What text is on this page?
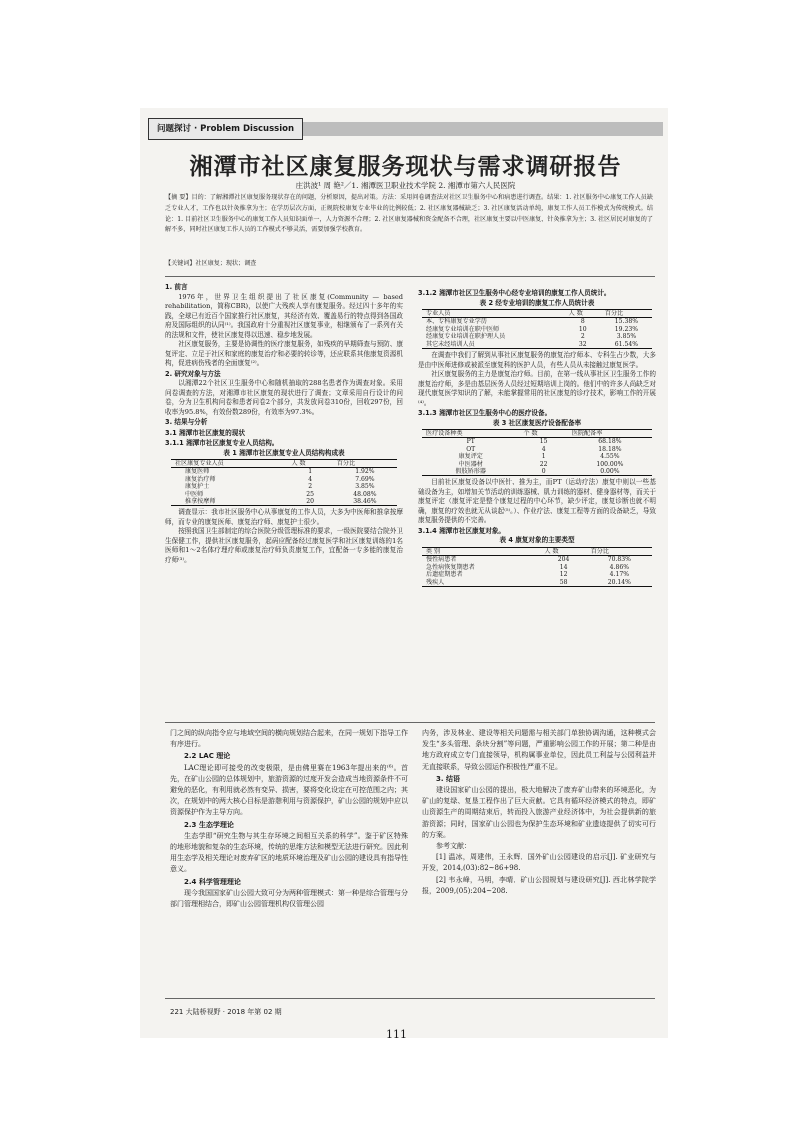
问题探讨 · Problem Discussion
湘潭市社区康复服务现状与需求调研报告
庄洪波¹ 周 艳²／1. 湘潭医卫职业技术学院 2. 湘潭市第六人民医院
【摘 要】目的：了解湘潭社区康复服务现状存在的问题，分析原因，提出对策。方法：采用问卷调查法对社区卫生服务中心和病患进行调查。结果：1. 社区服务中心康复工作人员缺乏专业人才，工作也以针灸推拿为主；在学历层次方面，正规院校康复专业毕业的比例较低；2. 社区康复器械缺乏；3. 社区康复活动单纯，康复工作人员工作模式为传统模式。结论：1. 目前社区卫生服务中心的康复工作人员知识面单一，人力资源不合理；2. 社区康复器械和资金配备不合理，社区康复主要以中医康复、针灸推拿为主；3. 社区居民对康复的了解不多，同时社区康复工作人员的工作模式不够灵活，需要加强学校教育。
【关键词】社区康复；现状；调查

1. 前言

1976年，世界卫生组织提出了社区康复(Community — based rehabilitation，简称CBR)，以使广大残疾人享有康复服务。经过四十多年的实践，全球已有近百个国家推行社区康复，其经济有效、覆盖易行的特点得到各国政府及国际组织的认同⁽¹⁾。我国政府十分重视社区康复事业，相继颁布了一系列有关的法规和文件，使社区康复得以迅速、稳步地发展。

社区康复服务，主要是协调性的医疗康复服务，如残疾的早期筛查与预防、康复评定、立足于社区和家庭的康复治疗和必要的转诊等，还应联系其他康复资源机构，促进病伤残者的全面康复⁽²⁾。

2. 研究对象与方法

以湘潭22个社区卫生服务中心和随机抽取的288名患者作为调查对象。采用问卷调查的方法，对湘潭市社区康复的现状进行了调查；文章采用自行设计的问卷，分为卫生机构问卷和患者问卷2个部分，共发放问卷310份，回收297份，回收率为95.8%，有效份数289份，有效率为97.3%。

3. 结果与分析

3.1 湘潭市社区康复的现状

3.1.1 湘潭市社区康复专业人员结构。

表 1 湘潭市社区康复专业人员结构构成表

社区康复专业人员	人 数	百分比
康复医师	1	1.92%
康复治疗师	4	7.69%
康复护士	2	3.85%
中医师	25	48.08%
推拿按摩师	20	38.46%

调查显示：我市社区服务中心从事康复的工作人员，大多为中医师和推拿按摩师，而专业的康复医师、康复治疗师、康复护士很少。

按照我国卫生部制定的综合医院分级管理标准的要求，一级医院要结合院外卫生保健工作，提供社区康复服务，起码应配备经过康复医学和社区康复训练的1名医师和1～2名体疗理疗师或康复治疗师负责康复工作，宜配备一专多能的康复治疗师⁽³⁾。

3.1.2 湘潭市社区卫生服务中心经专业培训的康复工作人员统计。

表 2 经专业培训的康复工作人员统计表

专业人员	人 数	百分比
本、专科康复专业学历	8	15.38%
经康复专业培训在职中医师	10	19.23%
经康复专业培训在职护理人员	2	3.85%
其它未经培训人员	32	61.54%

在调查中我们了解到从事社区康复服务的康复治疗师本、专科生占少数，大多是由中医师进修或被派至康复科的医护人员，有些人员从未接触过康复医学。

社区康复服务的主力是康复治疗师。目前，在第一线从事社区卫生服务工作的康复治疗师，多是由基层医务人员经过短期培训上岗的。他们中的许多人尚缺乏对现代康复医学知识的了解，未能掌握常用的社区康复的诊疗技术，影响工作的开展⁽⁴⁾。

3.1.3 湘潭市社区卫生服务中心的医疗设备。

表 3 社区康复医疗设备配备率

医疗设备种类	个 数	医院配备率
PT	15	68.18%
OT	4	18.18%
康复评定	1	4.55%
中医器材	22	100.00%
假肢矫形器	0	0.00%

目前社区康复设备以中医针、推为主，而PT（运动疗法）康复中则以一些基础设备为主，如增加关节活动的训练器械、肌力训练的器材、健身器材等，而关于康复评定（康复评定是整个康复过程的中心环节，缺少评定，康复诊断也就不明确，康复的疗效也就无从谈起⁽⁵⁾。）、作业疗法、康复工程等方面的设备缺乏，导致康复服务提供的不完善。

3.1.4 湘潭市社区康复对象。

表 4 康复对象的主要类型

类 别	人 数	百分比
慢性病患者	204	70.83%
急性病恢复期患者	14	4.86%
后遗症期患者	12	4.17%
残疾人	58	20.14%

门之间的纵向指令应与地域空间的横向规划结合起来，在同一规划下指导工作有序进行。

2.2 LAC 理论

LAC理论即可接受的改变极限，是由佛里赛在1963年提出来的⁽⁶⁾。首先，在矿山公园的总体规划中，旅游资源的过度开发会造成当地资源条件不可避免的恶化，有利用就必然有变异、损害，要将变化设定在可控范围之内；其次，在规划中的两大核心目标是游憩利用与资源保护，矿山公园的规划中应以资源保护作为主导方向。

2.3 生态学理论

生态学即“研究生物与其生存环境之间相互关系的科学”。鉴于矿区特殊的地形地貌和复杂的生态环境，传统的思维方法和模型无法进行研究。因此利用生态学及相关理论对废弃矿区的地质环境治理及矿山公园的建设具有指导性意义。

2.4 科学管理理论

现今我国国家矿山公园大致可分为两种管理模式：第一种是综合管理与分部门管理相结合，即矿山公园管理机构仅管理公园

内务，涉及林业、建设等相关问题需与相关部门单独协调沟通，这种模式会发生“多头管理、条块分割”等问题，严重影响公园工作的开展；第二种是由地方政府成立专门直接领导，机构属事业单位，因此员工利益与公园利益并无直接联系，导致公园运作积极性严重不足。

3. 结语

建设国家矿山公园的提出，极大地解决了废弃矿山带来的环境恶化，为矿山的复绿、复垦工程作出了巨大贡献。它具有循环经济模式的特点，即矿山资源生产的周期结束后，转而投入旅游产业经济体中，为社会提供新的旅游资源；同时，国家矿山公园也为保护生态环境和矿业遗迹提供了切实可行的方案。

参考文献：

[1] 温冰，周建伟，王永辉．国外矿山公园建设的启示[J]. 矿业研究与开发，2014,(03):82~86+98.

[2] 韦永峰，马明，李晴．矿山公园规划与建设研究[J]. 西北林学院学报，2009,(05):204~208.

221 大陆桥视野 · 2018 年第 02 期
111
